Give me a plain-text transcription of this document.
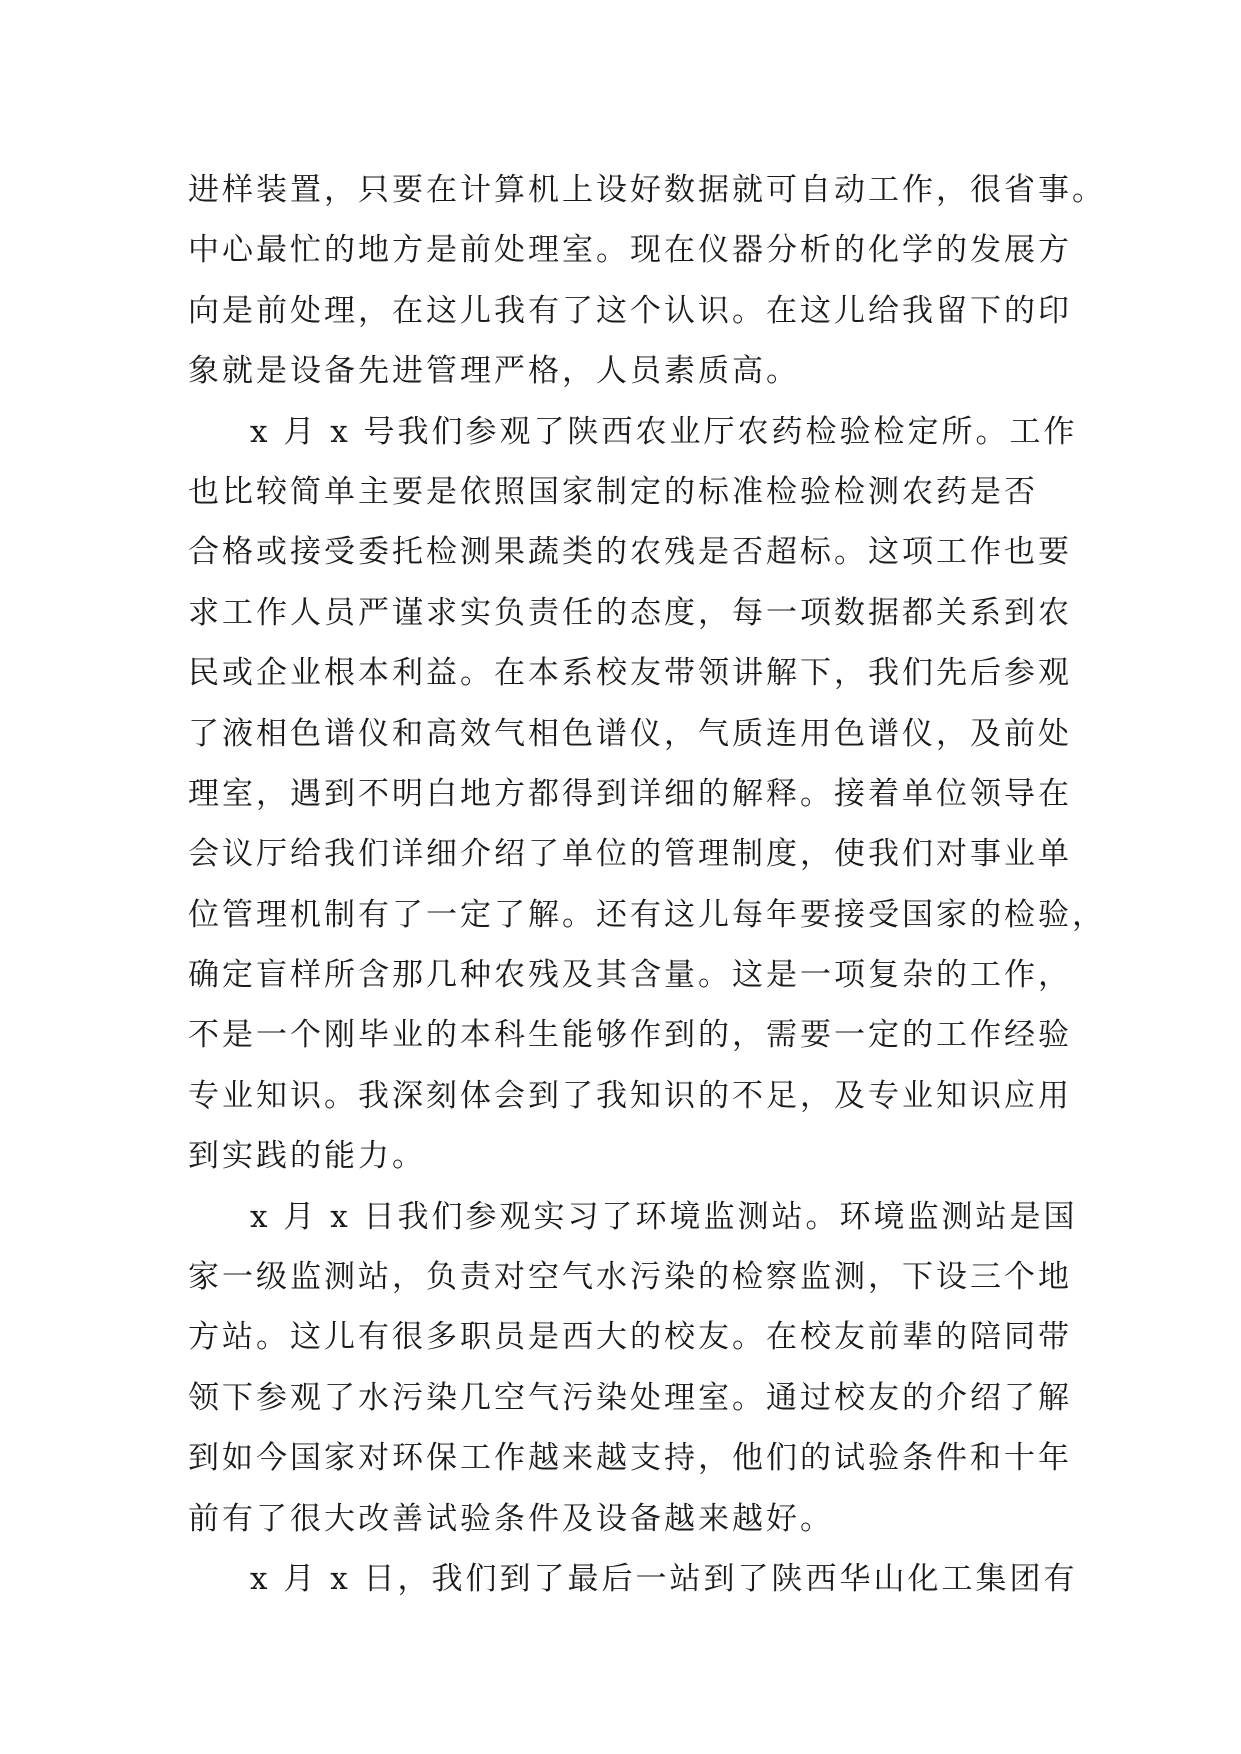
进样装置，只要在计算机上设好数据就可自动工作，很省事。
中心最忙的地方是前处理室。现在仪器分析的化学的发展方
向是前处理，在这儿我有了这个认识。在这儿给我留下的印
象就是设备先进管理严格，人员素质高。
x 月 x 号我们参观了陕西农业厅农药检验检定所。工作
也比较简单主要是依照国家制定的标准检验检测农药是否
合格或接受委托检测果蔬类的农残是否超标。这项工作也要
求工作人员严谨求实负责任的态度，每一项数据都关系到农
民或企业根本利益。在本系校友带领讲解下，我们先后参观
了液相色谱仪和高效气相色谱仪，气质连用色谱仪，及前处
理室，遇到不明白地方都得到详细的解释。接着单位领导在
会议厅给我们详细介绍了单位的管理制度，使我们对事业单
位管理机制有了一定了解。还有这儿每年要接受国家的检验，
确定盲样所含那几种农残及其含量。这是一项复杂的工作，
不是一个刚毕业的本科生能够作到的，需要一定的工作经验
专业知识。我深刻体会到了我知识的不足，及专业知识应用
到实践的能力。
x 月 x 日我们参观实习了环境监测站。环境监测站是国
家一级监测站，负责对空气水污染的检察监测，下设三个地
方站。这儿有很多职员是西大的校友。在校友前辈的陪同带
领下参观了水污染几空气污染处理室。通过校友的介绍了解
到如今国家对环保工作越来越支持，他们的试验条件和十年
前有了很大改善试验条件及设备越来越好。
x 月 x 日，我们到了最后一站到了陕西华山化工集团有
